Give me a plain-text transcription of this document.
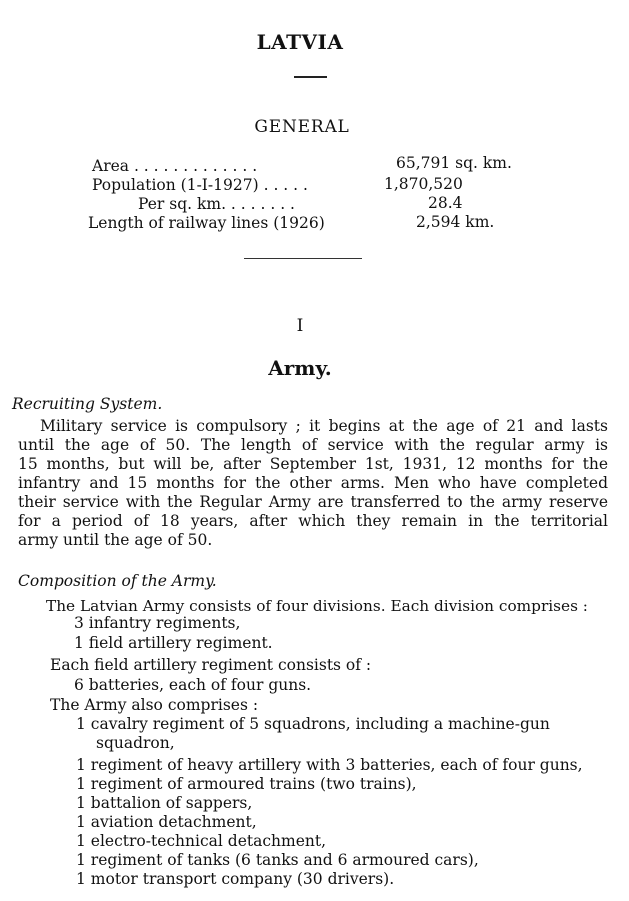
LATVIA
GENERAL
Area . . . . . . . . . . . . .	65,791 sq. km.
Population (1-I-1927) . . . . .	1,870,520
Per sq. km. . . . . . . .	28.4
Length of railway lines (1926)	2,594 km.
I
Army.
Recruiting System.
Military service is compulsory ; it begins at the age of 21 and lasts
until the age of 50. The length of service with the regular army is
15 months, but will be, after September 1st, 1931, 12 months for the
infantry and 15 months for the other arms. Men who have completed
their service with the Regular Army are transferred to the army reserve
for a period of 18 years, after which they remain in the territorial
army until the age of 50.
Composition of the Army.
The Latvian Army consists of four divisions. Each division comprises :
3 infantry regiments,
1 field artillery regiment.
Each field artillery regiment consists of :
6 batteries, each of four guns.
The Army also comprises :
1 cavalry regiment of 5 squadrons, including a machine-gun
squadron,
1 regiment of heavy artillery with 3 batteries, each of four guns,
1 regiment of armoured trains (two trains),
1 battalion of sappers,
1 aviation detachment,
1 electro-technical detachment,
1 regiment of tanks (6 tanks and 6 armoured cars),
1 motor transport company (30 drivers).
